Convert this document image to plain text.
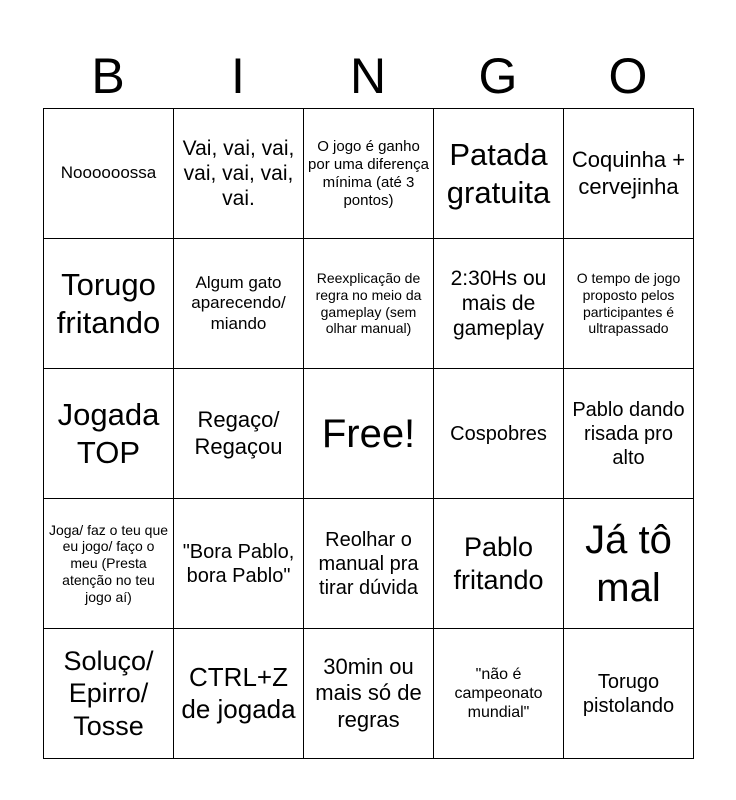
B	I	N	G	O
Noooooossa	Vai, vai, vai, vai, vai, vai, vai.	O jogo é ganho por uma diferença mínima (até 3 pontos)	Patada gratuita	Coquinha + cervejinha
Torugo fritando	Algum gato aparecendo/ miando	Reexplicação de regra no meio da gameplay (sem olhar manual)	2:30Hs ou mais de gameplay	O tempo de jogo proposto pelos participantes é ultrapassado
Jogada TOP	Regaço/ Regaçou	Free!	Cospobres	Pablo dando risada pro alto
Joga/ faz o teu que eu jogo/ faço o meu (Presta atenção no teu jogo aí)	"Bora Pablo, bora Pablo"	Reolhar o manual pra tirar dúvida	Pablo fritando	Já tô mal
Soluço/ Epirro/ Tosse	CTRL+Z de jogada	30min ou mais só de regras	"não é campeonato mundial"	Torugo pistolando
